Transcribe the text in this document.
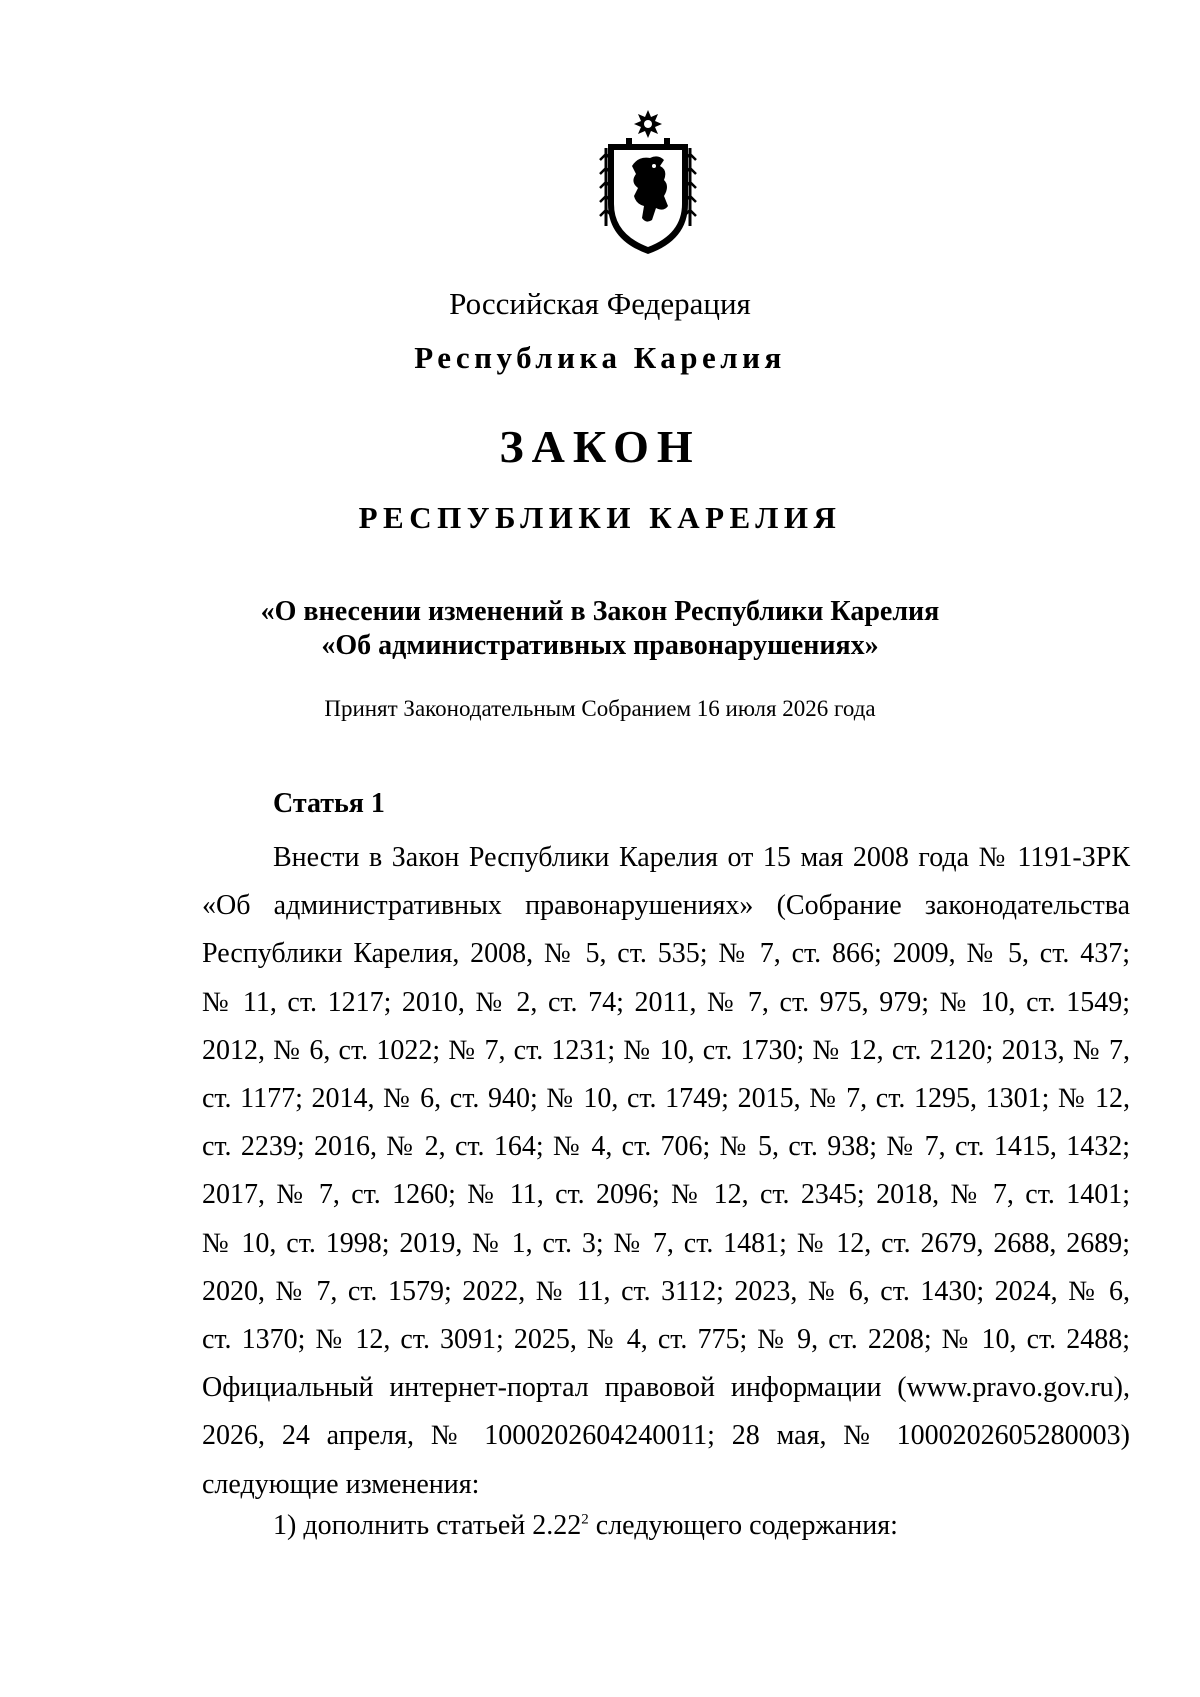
Российская Федерация
Республика Карелия
ЗАКОН
РЕСПУБЛИКИ КАРЕЛИЯ
«О внесении изменений в Закон Республики Карелия
«Об административных правонарушениях»
Принят Законодательным Собранием 16 июля 2026 года
Статья 1
Внести в Закон Республики Карелия от 15 мая 2008 года № 1191-ЗРК
«Об административных правонарушениях» (Собрание законодательства
Республики Карелия, 2008, № 5, ст. 535; № 7, ст. 866; 2009, № 5, ст. 437;
№ 11, ст. 1217; 2010, № 2, ст. 74; 2011, № 7, ст. 975, 979; № 10, ст. 1549;
2012, № 6, ст. 1022; № 7, ст. 1231; № 10, ст. 1730; № 12, ст. 2120; 2013, № 7,
ст. 1177; 2014, № 6, ст. 940; № 10, ст. 1749; 2015, № 7, ст. 1295, 1301; № 12,
ст. 2239; 2016, № 2, ст. 164; № 4, ст. 706; № 5, ст. 938; № 7, ст. 1415, 1432;
2017, № 7, ст. 1260; № 11, ст. 2096; № 12, ст. 2345; 2018, № 7, ст. 1401;
№ 10, ст. 1998; 2019, № 1, ст. 3; № 7, ст. 1481; № 12, ст. 2679, 2688, 2689;
2020, № 7, ст. 1579; 2022, № 11, ст. 3112; 2023, № 6, ст. 1430; 2024, № 6,
ст. 1370; № 12, ст. 3091; 2025, № 4, ст. 775; № 9, ст. 2208; № 10, ст. 2488;
Официальный интернет-портал правовой информации (www.pravo.gov.ru),
2026, 24 апреля, № 1000202604240011; 28 мая, № 1000202605280003)
следующие изменения:
1) дополнить статьей 2.22$^2$ следующего содержания:
